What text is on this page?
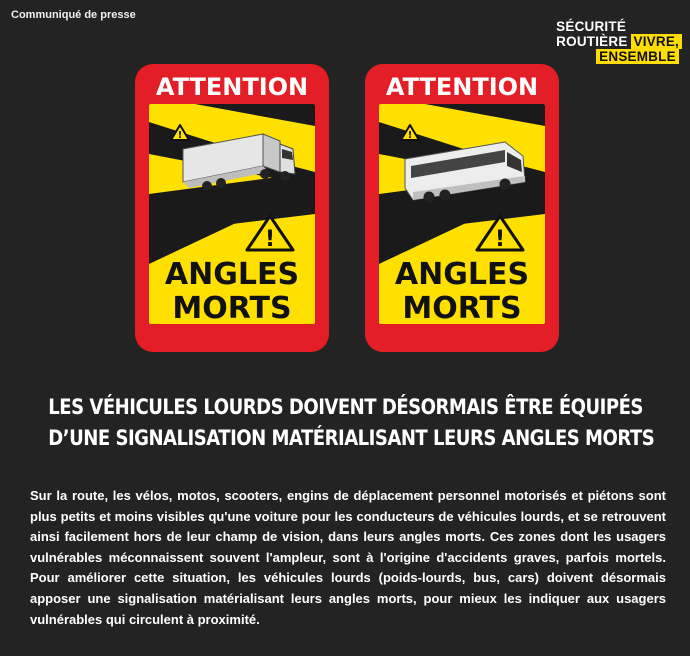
Communiqué de presse
SÉCURITÉ
ROUTIÈRE VIVRE,
ENSEMBLE
!
!
ATTENTION
ANGLES
MORTS
!
!
ATTENTION
ANGLES
MORTS
LES VÉHICULES LOURDS DOIVENT DÉSORMAIS ÊTRE ÉQUIPÉS
D’UNE SIGNALISATION MATÉRIALISANT LEURS ANGLES MORTS
Sur la route, les vélos, motos, scooters, engins de déplacement personnel motorisés et piétons sont plus petits et moins visibles qu'une voiture pour les conducteurs de véhicules lourds, et se retrouvent ainsi facilement hors de leur champ de vision, dans leurs angles morts. Ces zones dont les usagers vulnérables méconnaissent souvent l'ampleur, sont à l'origine d'accidents graves, parfois mortels. Pour améliorer cette situation, les véhicules lourds (poids-lourds, bus, cars) doivent désormais apposer une signalisation matérialisant leurs angles morts, pour mieux les indiquer aux usagers vulnérables qui circulent à proximité.
